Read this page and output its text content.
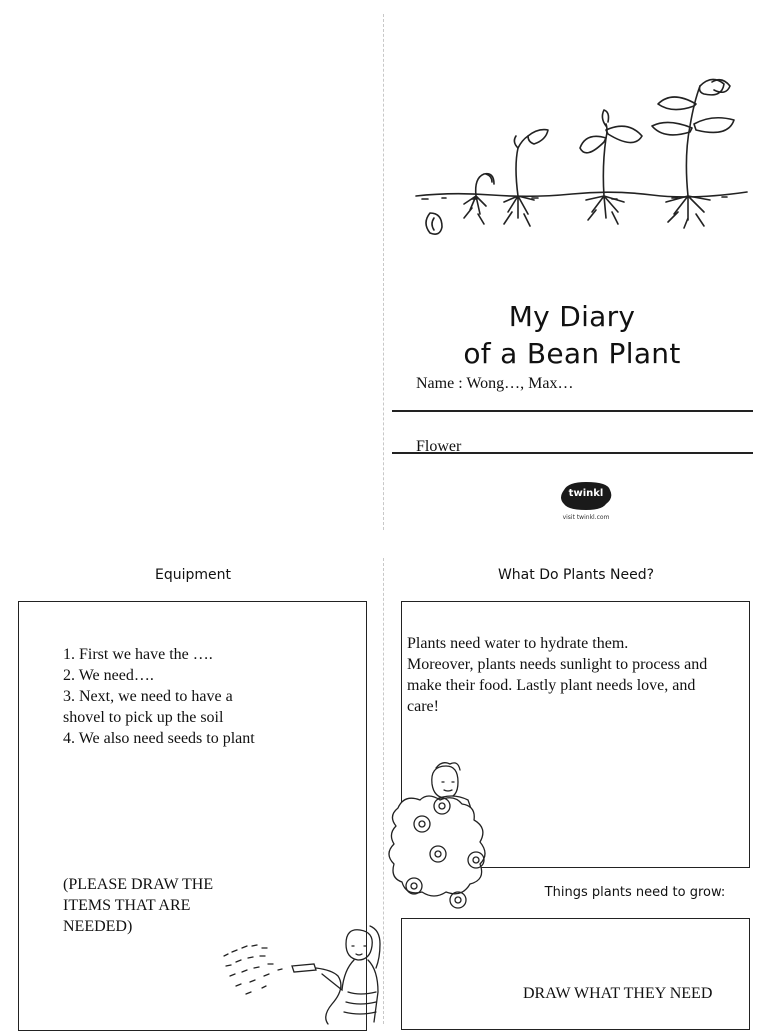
My Diary
of a Bean Plant
Name : Wong…, Max…
Flower
twinkl
visit twinkl.com
Equipment
1. First we have the ….
2. We need….
3. Next, we need to have a
shovel to pick up the soil
4. We also need seeds to plant
(PLEASE DRAW THE
ITEMS THAT ARE
NEEDED)
What Do Plants Need?
Plants need water to hydrate them.
Moreover, plants needs sunlight to process and
make their food. Lastly plant needs love, and
care!
Things plants need to grow:
DRAW WHAT THEY NEED
